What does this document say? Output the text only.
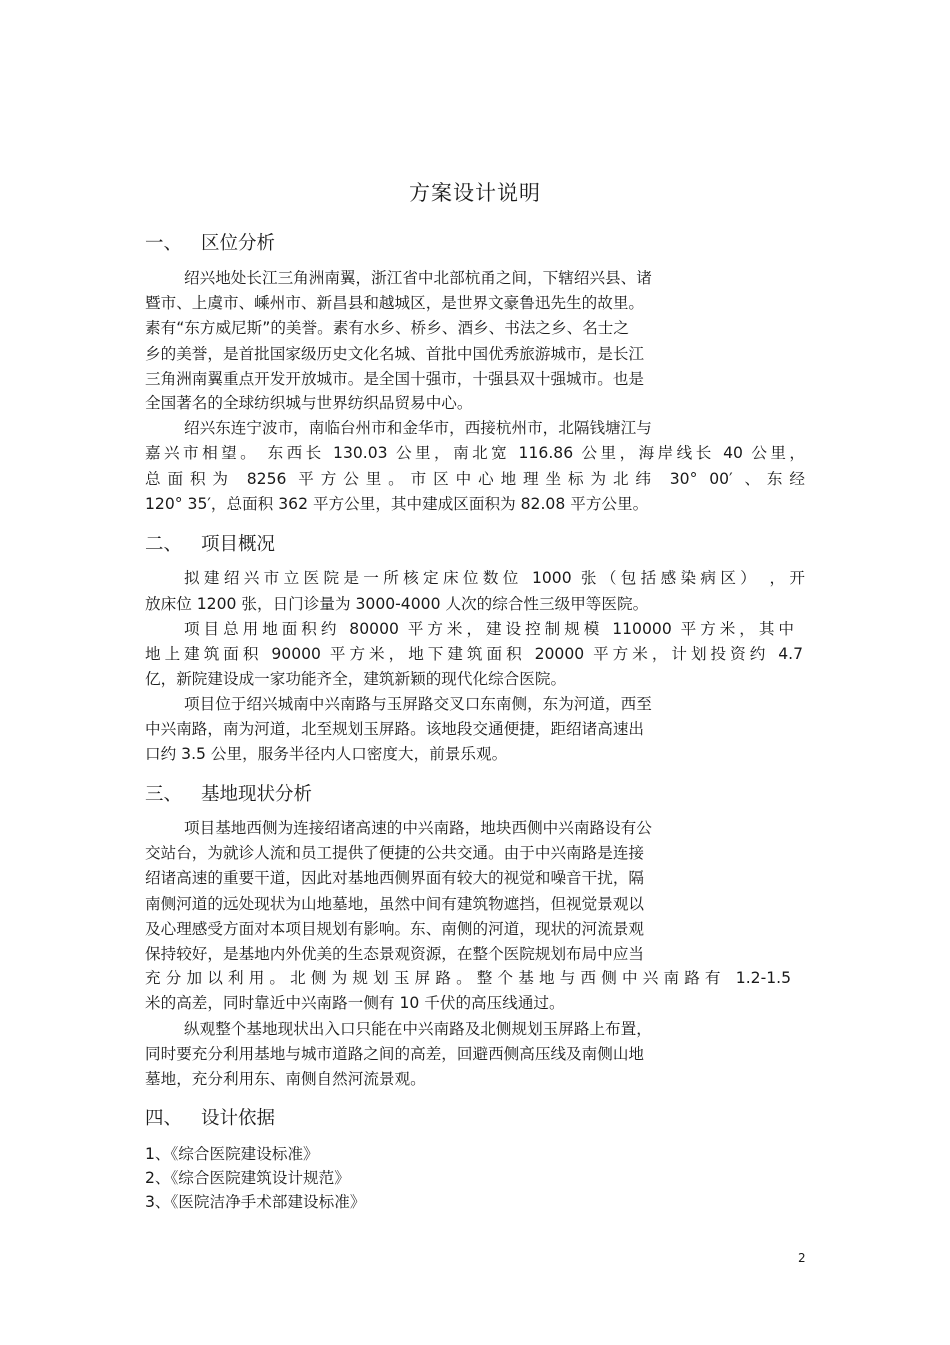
方案设计说明
一、 区位分析
绍兴地处长江三角洲南翼，浙江省中北部杭甬之间，下辖绍兴县、诸
暨市、上虞市、嵊州市、新昌县和越城区，是世界文豪鲁迅先生的故里。
素有“东方威尼斯”的美誉。素有水乡、桥乡、酒乡、书法之乡、名士之
乡的美誉，是首批国家级历史文化名城、首批中国优秀旅游城市，是长江
三角洲南翼重点开发开放城市。是全国十强市，十强县双十强城市。也是
全国著名的全球纺织城与世界纺织品贸易中心。
绍兴东连宁波市，南临台州市和金华市，西接杭州市，北隔钱塘江与
嘉兴市相望。 东西长 130.03 公里，南北宽 116.86 公里，海岸线长 40 公里，
总面积为 8256 平方公里。市区中心地理坐标为北纬 30° 00′ 、东经
120° 35′，总面积 362 平方公里，其中建成区面积为 82.08 平方公里。
二、 项目概况
拟建绍兴市立医院是一所核定床位数位 1000 张（包括感染病区） ，开
放床位 1200 张，日门诊量为 3000-4000 人次的综合性三级甲等医院。
项目总用地面积约 80000 平方米，建设控制规模 110000 平方米，其中
地上建筑面积 90000 平方米，地下建筑面积 20000 平方米，计划投资约 4.7
亿，新院建设成一家功能齐全，建筑新颖的现代化综合医院。
项目位于绍兴城南中兴南路与玉屏路交叉口东南侧，东为河道，西至
中兴南路，南为河道，北至规划玉屏路。该地段交通便捷，距绍诸高速出
口约 3.5 公里，服务半径内人口密度大，前景乐观。
三、 基地现状分析
项目基地西侧为连接绍诸高速的中兴南路，地块西侧中兴南路设有公
交站台，为就诊人流和员工提供了便捷的公共交通。由于中兴南路是连接
绍诸高速的重要干道，因此对基地西侧界面有较大的视觉和噪音干扰，隔
南侧河道的远处现状为山地墓地，虽然中间有建筑物遮挡，但视觉景观以
及心理感受方面对本项目规划有影响。东、南侧的河道，现状的河流景观
保持较好，是基地内外优美的生态景观资源，在整个医院规划布局中应当
充分加以利用。北侧为规划玉屏路。整个基地与西侧中兴南路有 1.2-1.5
米的高差，同时靠近中兴南路一侧有 10 千伏的高压线通过。
纵观整个基地现状出入口只能在中兴南路及北侧规划玉屏路上布置，
同时要充分利用基地与城市道路之间的高差，回避西侧高压线及南侧山地
墓地，充分利用东、南侧自然河流景观。
四、 设计依据
1、《综合医院建设标准》
2、《综合医院建筑设计规范》
3、《医院洁净手术部建设标准》
2
